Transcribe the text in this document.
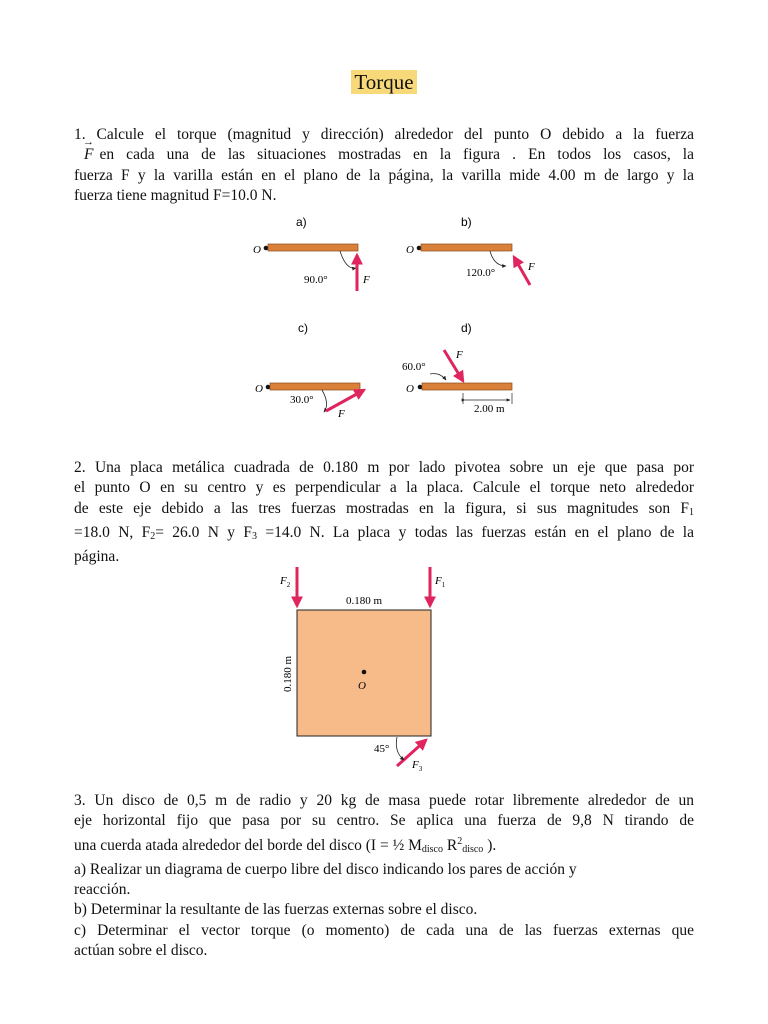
Torque
1. Calcule el torque (magnitud y dirección) alrededor del punto O debido a la fuerza
→ F en cada una de las situaciones mostradas en la figura . En todos los casos, la
fuerza F y la varilla están en el plano de la página, la varilla mide 4.00 m de largo y la
fuerza tiene magnitud F=10.0 N.
a)
O
90.0°	F
b)
O
120.0°	F
c)
O
30.0°
F
d)
O
60.0°
F
2.00 m
$F_2$	$F_1$
0.180 m
0.180 m	O
45°
$F_3$
2. Una placa metálica cuadrada de 0.180 m por lado pivotea sobre un eje que pasa por
el punto O en su centro y es perpendicular a la placa. Calcule el torque neto alrededor
de este eje debido a las tres fuerzas mostradas en la figura, si sus magnitudes son $F_1$
=18.0 N, $F_2= 26.0$ N y $F_3 =14.0$ N. La placa y todas las fuerzas están en el plano de la
página.
3. Un disco de 0,5 m de radio y 20 kg de masa puede rotar libremente alrededor de un
eje horizontal fijo que pasa por su centro. Se aplica una fuerza de 9,8 N tirando de
una cuerda atada alrededor del borde del disco (I = ½ $M_{disco}$ $R^2_{disco}$ ).
a) Realizar un diagrama de cuerpo libre del disco indicando los pares de acción y
reacción.
b) Determinar la resultante de las fuerzas externas sobre el disco.
c) Determinar el vector torque (o momento) de cada una de las fuerzas externas que
actúan sobre el disco.
